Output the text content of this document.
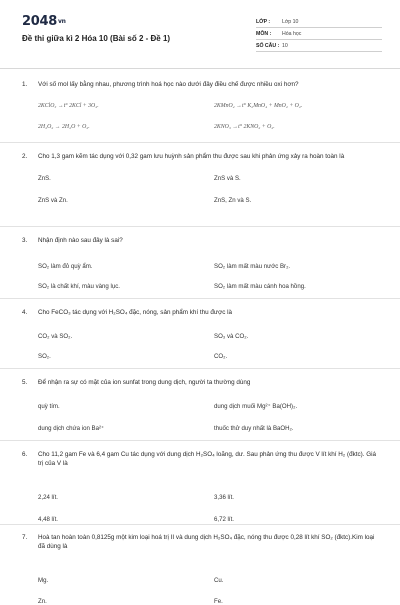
2048vn
Đề thi giữa kì 2 Hóa 10 (Bài số 2 - Đề 1)
LỚP :	Lớp 10
MÔN :	Hóa học
SỐ CÂU : 10
1.	Với số mol lấy bằng nhau, phương trình hoá học nào dưới đây điều chế được nhiều oxi hơn?
2KClO₃ →t° 2KCl + 3O₂.	2KMnO₄ →t° K₂MnO₄ + MnO₂ + O₂.
2H₂O₂ → 2H₂O + O₂.	2KNO₃ →t° 2KNO₂ + O₂.
2.	Cho 1,3 gam kẽm tác dụng với 0,32 gam lưu huỳnh sản phẩm thu được sau khi phản ứng xảy ra hoàn toàn là
ZnS.	ZnS và S.
ZnS và Zn.	ZnS, Zn và S.
3.	Nhận định nào sau đây là sai?
SO₂ làm đỏ quỳ ẩm.	SO₂ làm mất màu nước Br₂.
SO₂ là chất khí, màu vàng lục.	SO₂ làm mất màu cánh hoa hồng.
4.	Cho FeCO₃ tác dụng với H₂SO₄ đặc, nóng, sản phẩm khí thu được là
CO₂ và SO₂.	SO₃ và CO₂.
SO₂.	CO₂.
5.	Để nhận ra sự có mặt của ion sunfat trong dung dịch, người ta thường dùng
quỳ tím.	dung dịch muối Mg²⁺ Ba(OH)₂.
dung dịch chứa ion Ba²⁺	thuốc thử duy nhất là BaOH₂.
6.	Cho 11,2 gam Fe và 6,4 gam Cu tác dụng với dung dịch H₂SO₄ loãng, dư. Sau phản ứng thu được V lít khí H₂ (đktc). Giá trị của V là
2,24 lít.	3,36 lít.
4,48 lít.	6,72 lít.
7.	Hoà tan hoàn toàn 0,8125g một kim loại hoá trị II và dung dịch H₂SO₄ đặc, nóng thu được 0,28 lít khí SO₂ (đktc).Kim loại đã dùng là
Mg.	Cu.
Zn.	Fe.
